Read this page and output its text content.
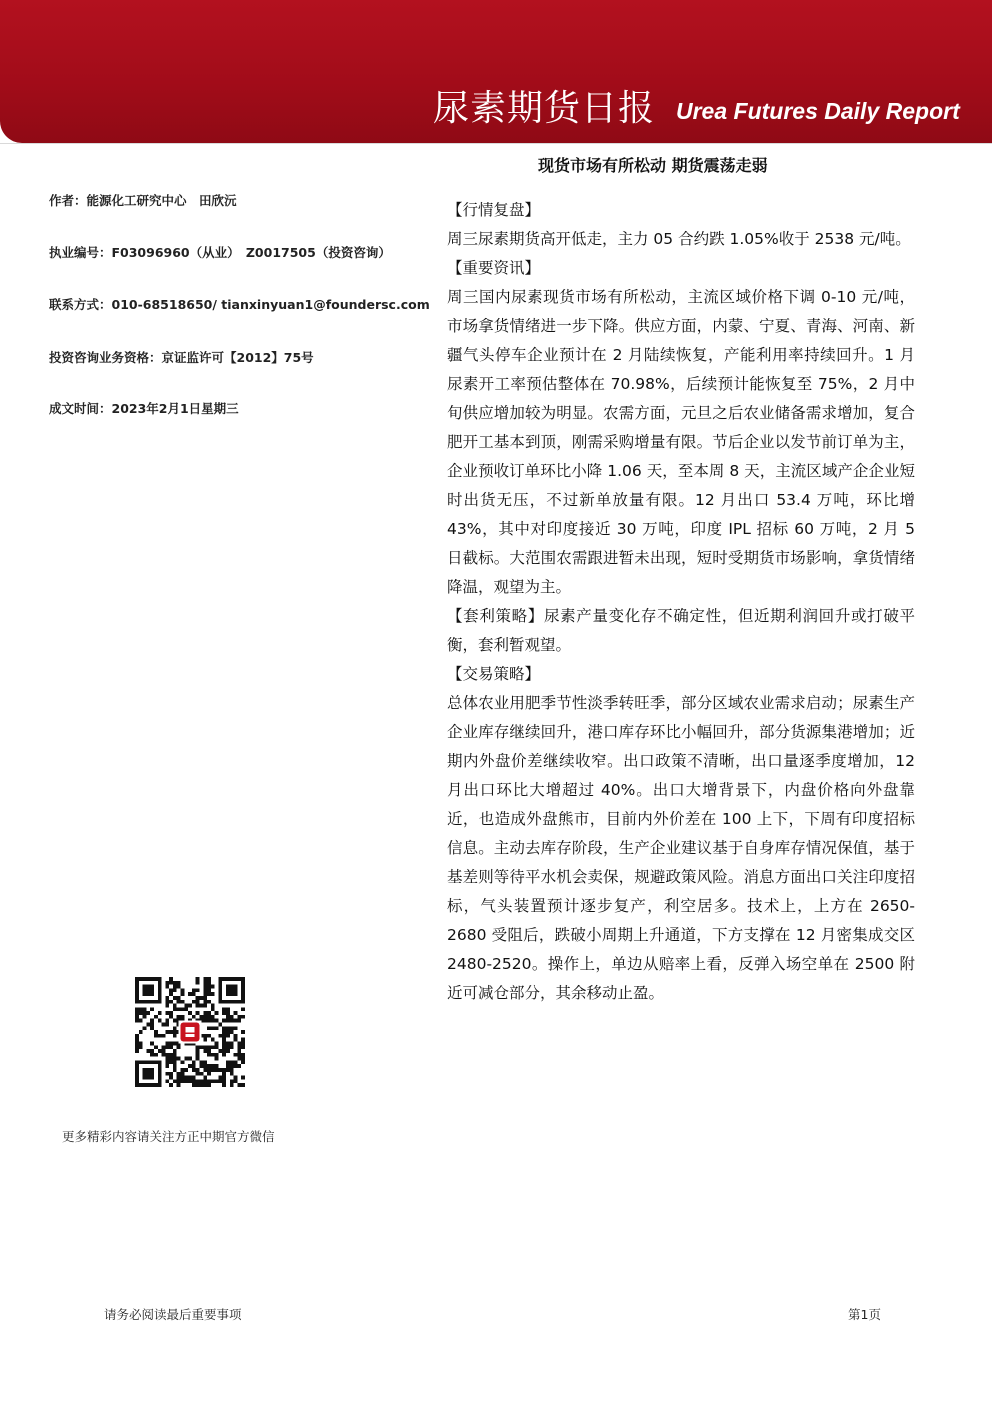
尿素期货日报 Urea Futures Daily Report
现货市场有所松动 期货震荡走弱
作者：能源化工研究中心　田欣沅
执业编号：F03096960（从业）　Z0017505（投资咨询）
联系方式：010-68518650/ tianxinyuan1@foundersc.com
投资咨询业务资格：京证监许可【2012】75号
成文时间：2023年2月1日星期三

【行情复盘】

周三尿素期货高开低走，主力 05 合约跌 1.05%收于 2538 元/吨。

【重要资讯】

周三国内尿素现货市场有所松动，主流区域价格下调 0-10 元/吨，市场拿货情绪进一步下降。供应方面，内蒙、宁夏、青海、河南、新疆气头停车企业预计在 2 月陆续恢复，产能利用率持续回升。1 月尿素开工率预估整体在 70.98%，后续预计能恢复至 75%，2 月中旬供应增加较为明显。农需方面，元旦之后农业储备需求增加，复合肥开工基本到顶，刚需采购增量有限。节后企业以发节前订单为主，企业预收订单环比小降 1.06 天，至本周 8 天，主流区域产企企业短时出货无压，不过新单放量有限。12 月出口 53.4 万吨，环比增 43%，其中对印度接近 30 万吨，印度 IPL 招标 60 万吨，2 月 5 日截标。大范围农需跟进暂未出现，短时受期货市场影响，拿货情绪降温，观望为主。

【套利策略】尿素产量变化存不确定性，但近期利润回升或打破平衡，套利暂观望。

【交易策略】

总体农业用肥季节性淡季转旺季，部分区域农业需求启动；尿素生产企业库存继续回升，港口库存环比小幅回升，部分货源集港增加；近期内外盘价差继续收窄。出口政策不清晰，出口量逐季度增加，12 月出口环比大增超过 40%。出口大增背景下，内盘价格向外盘靠近，也造成外盘熊市，目前内外价差在 100 上下，下周有印度招标信息。主动去库存阶段，生产企业建议基于自身库存情况保值，基于基差则等待平水机会卖保，规避政策风险。消息方面出口关注印度招标，气头装置预计逐步复产，利空居多。技术上，上方在 2650-2680 受阻后，跌破小周期上升通道，下方支撑在 12 月密集成交区 2480-2520。操作上，单边从赔率上看，反弹入场空单在 2500 附近可减仓部分，其余移动止盈。

更多精彩内容请关注方正中期官方微信
请务必阅读最后重要事项	第1页
